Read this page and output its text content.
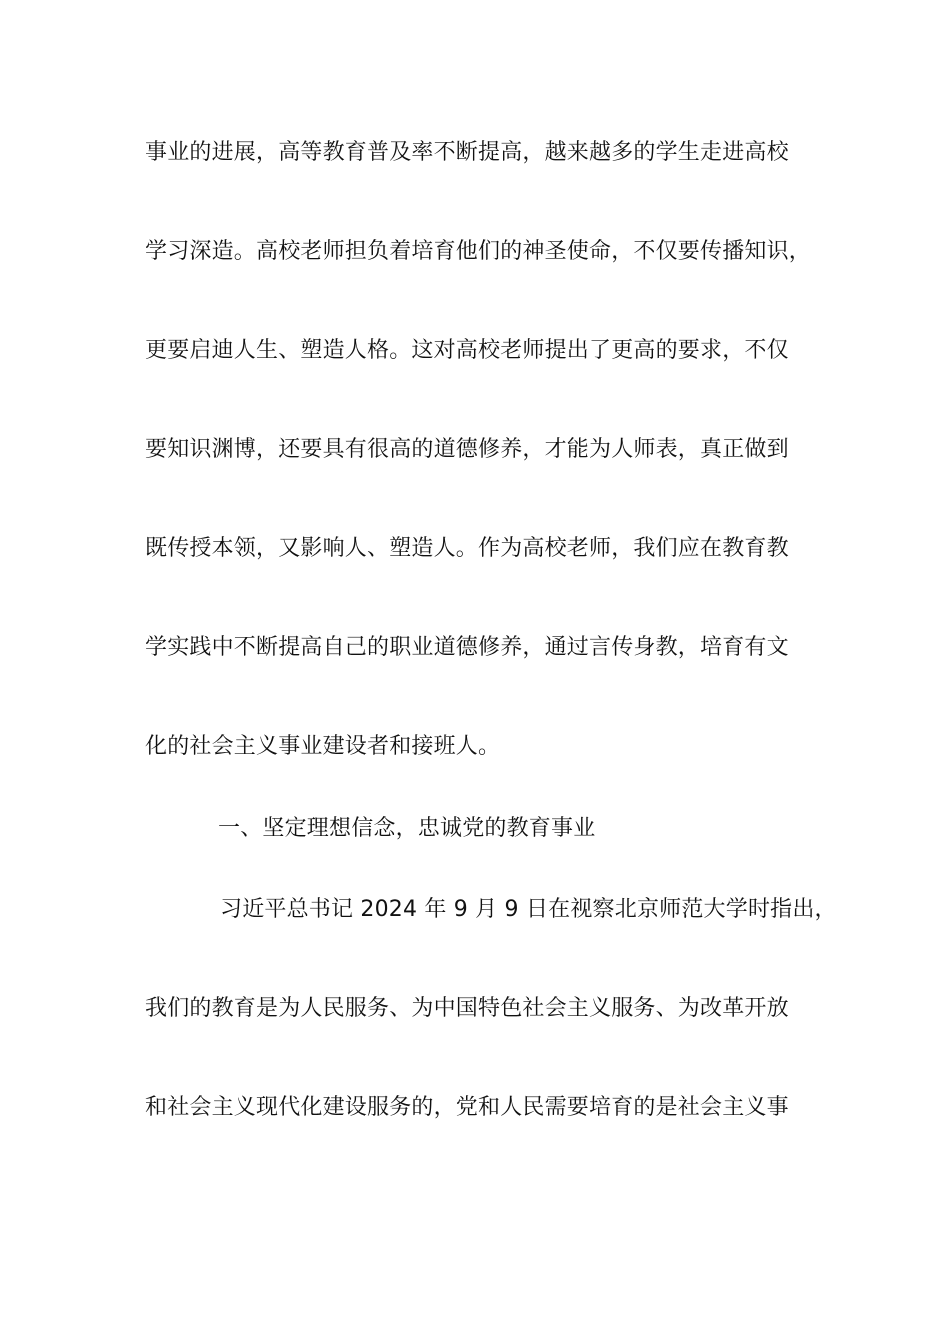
事业的进展，高等教育普及率不断提高，越来越多的学生走进高校
学习深造。高校老师担负着培育他们的神圣使命，不仅要传播知识，
更要启迪人生、塑造人格。这对高校老师提出了更高的要求，不仅
要知识渊博，还要具有很高的道德修养，才能为人师表，真正做到
既传授本领，又影响人、塑造人。作为高校老师，我们应在教育教
学实践中不断提高自己的职业道德修养，通过言传身教，培育有文
化的社会主义事业建设者和接班人。
一、坚定理想信念，忠诚党的教育事业
习近平总书记 2024 年 9 月 9 日在视察北京师范大学时指出，
我们的教育是为人民服务、为中国特色社会主义服务、为改革开放
和社会主义现代化建设服务的，党和人民需要培育的是社会主义事
